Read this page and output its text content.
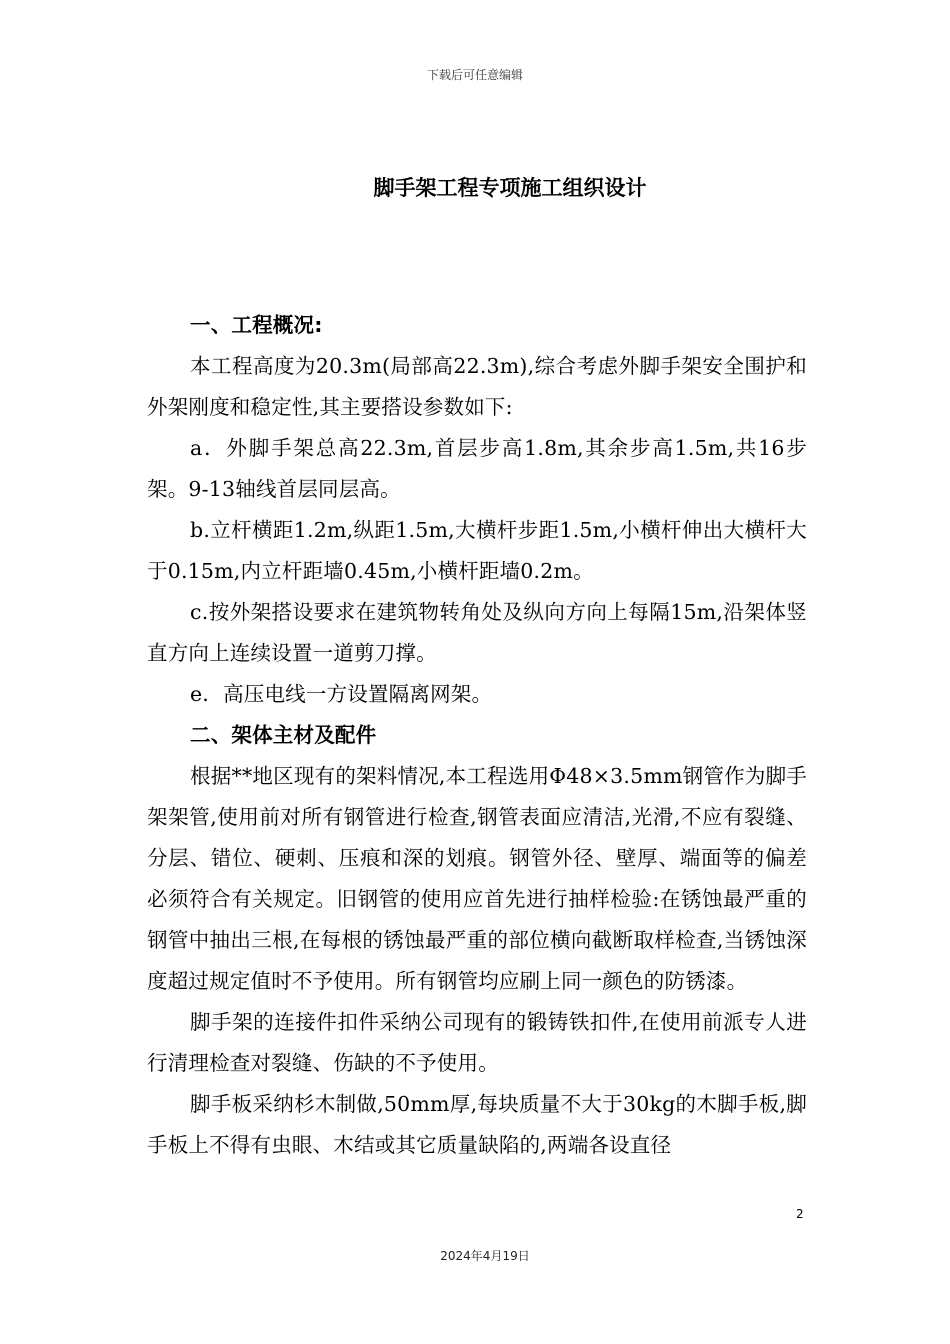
下载后可任意编辑
脚手架工程专项施工组织设计
一、工程概况:

本工程高度为20.3m(局部高22.3m),综合考虑外脚手架安全围护和外架刚度和稳定性,其主要搭设参数如下:

a．外脚手架总高22.3m,首层步高1.8m,其余步高1.5m,共16步架。9-13轴线首层同层高。

b.立杆横距1.2m,纵距1.5m,大横杆步距1.5m,小横杆伸出大横杆大于0.15m,内立杆距墙0.45m,小横杆距墙0.2m。

c.按外架搭设要求在建筑物转角处及纵向方向上每隔15m,沿架体竖直方向上连续设置一道剪刀撑。

e．高压电线一方设置隔离网架。

二、架体主材及配件

根据**地区现有的架料情况,本工程选用Φ48×3.5mm钢管作为脚手架架管,使用前对所有钢管进行检查,钢管表面应清洁,光滑,不应有裂缝、分层、错位、硬刺、压痕和深的划痕。钢管外径、壁厚、端面等的偏差必须符合有关规定。旧钢管的使用应首先进行抽样检验:在锈蚀最严重的钢管中抽出三根,在每根的锈蚀最严重的部位横向截断取样检查,当锈蚀深度超过规定值时不予使用。所有钢管均应刷上同一颜色的防锈漆。

脚手架的连接件扣件采纳公司现有的锻铸铁扣件,在使用前派专人进行清理检查对裂缝、伤缺的不予使用。

脚手板采纳杉木制做,50mm厚,每块质量不大于30kg的木脚手板,脚手板上不得有虫眼、木结或其它质量缺陷的,两端各设直径

2
2024年4月19日
